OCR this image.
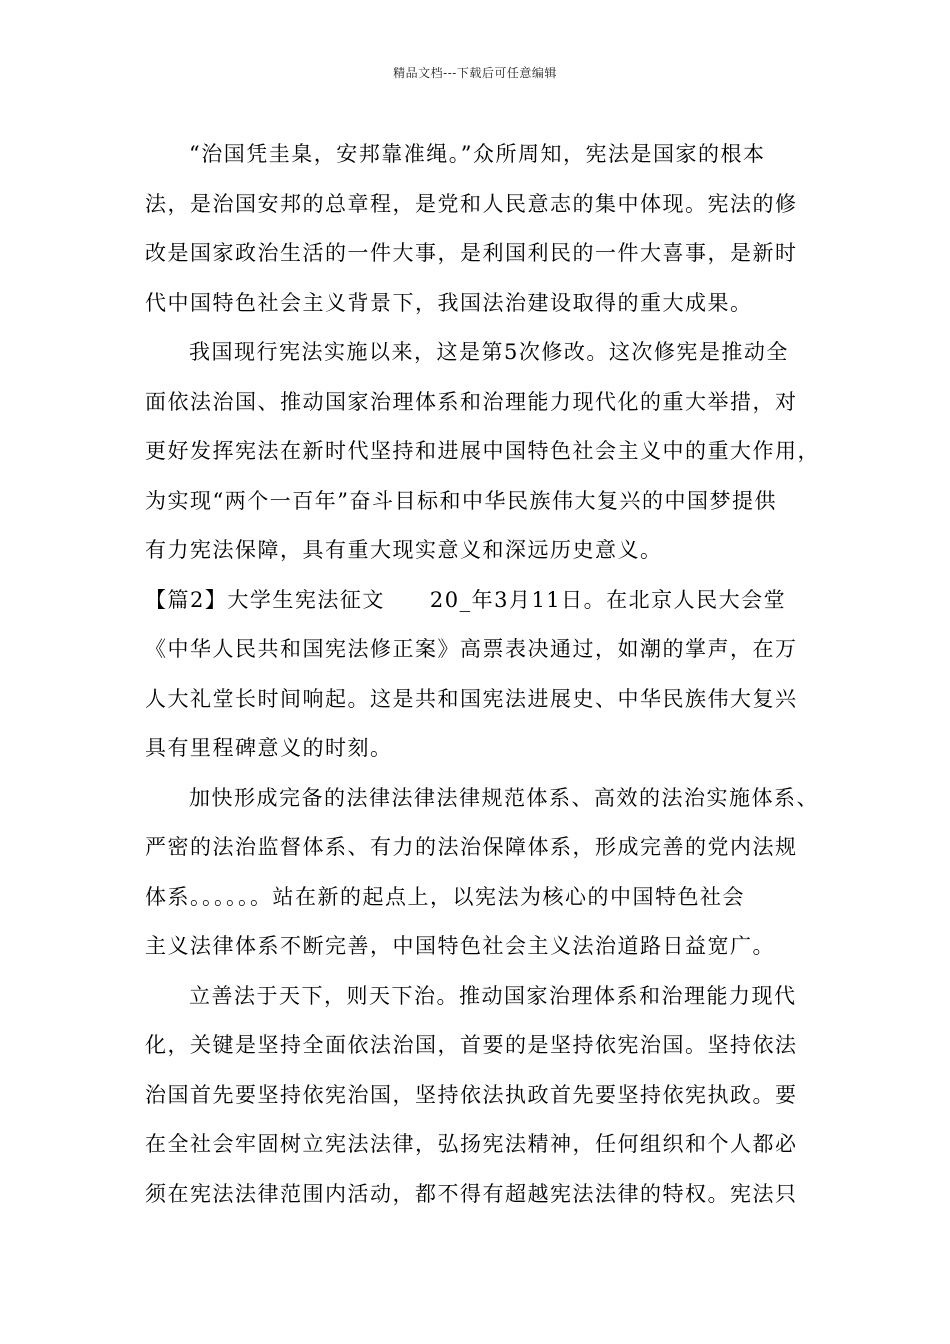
精品文档---下载后可任意编辑
“治国凭圭臬，安邦靠准绳。”众所周知，宪法是国家的根本
法，是治国安邦的总章程，是党和人民意志的集中体现。宪法的修
改是国家政治生活的一件大事，是利国利民的一件大喜事，是新时
代中国特色社会主义背景下，我国法治建设取得的重大成果。
我国现行宪法实施以来，这是第5次修改。这次修宪是推动全
面依法治国、推动国家治理体系和治理能力现代化的重大举措，对
更好发挥宪法在新时代坚持和进展中国特色社会主义中的重大作用，
为实现“两个一百年”奋斗目标和中华民族伟大复兴的中国梦提供
有力宪法保障，具有重大现实意义和深远历史意义。
【篇2】大学生宪法征文　　20_年3月11日。在北京人民大会堂
《中华人民共和国宪法修正案》高票表决通过，如潮的掌声，在万
人大礼堂长时间响起。这是共和国宪法进展史、中华民族伟大复兴
具有里程碑意义的时刻。
加快形成完备的法律法律法律规范体系、高效的法治实施体系、
严密的法治监督体系、有力的法治保障体系，形成完善的党内法规
体系。。。。。。站在新的起点上，以宪法为核心的中国特色社会
主义法律体系不断完善，中国特色社会主义法治道路日益宽广。
立善法于天下，则天下治。推动国家治理体系和治理能力现代
化，关键是坚持全面依法治国，首要的是坚持依宪治国。坚持依法
治国首先要坚持依宪治国，坚持依法执政首先要坚持依宪执政。要
在全社会牢固树立宪法法律，弘扬宪法精神，任何组织和个人都必
须在宪法法律范围内活动，都不得有超越宪法法律的特权。宪法只
